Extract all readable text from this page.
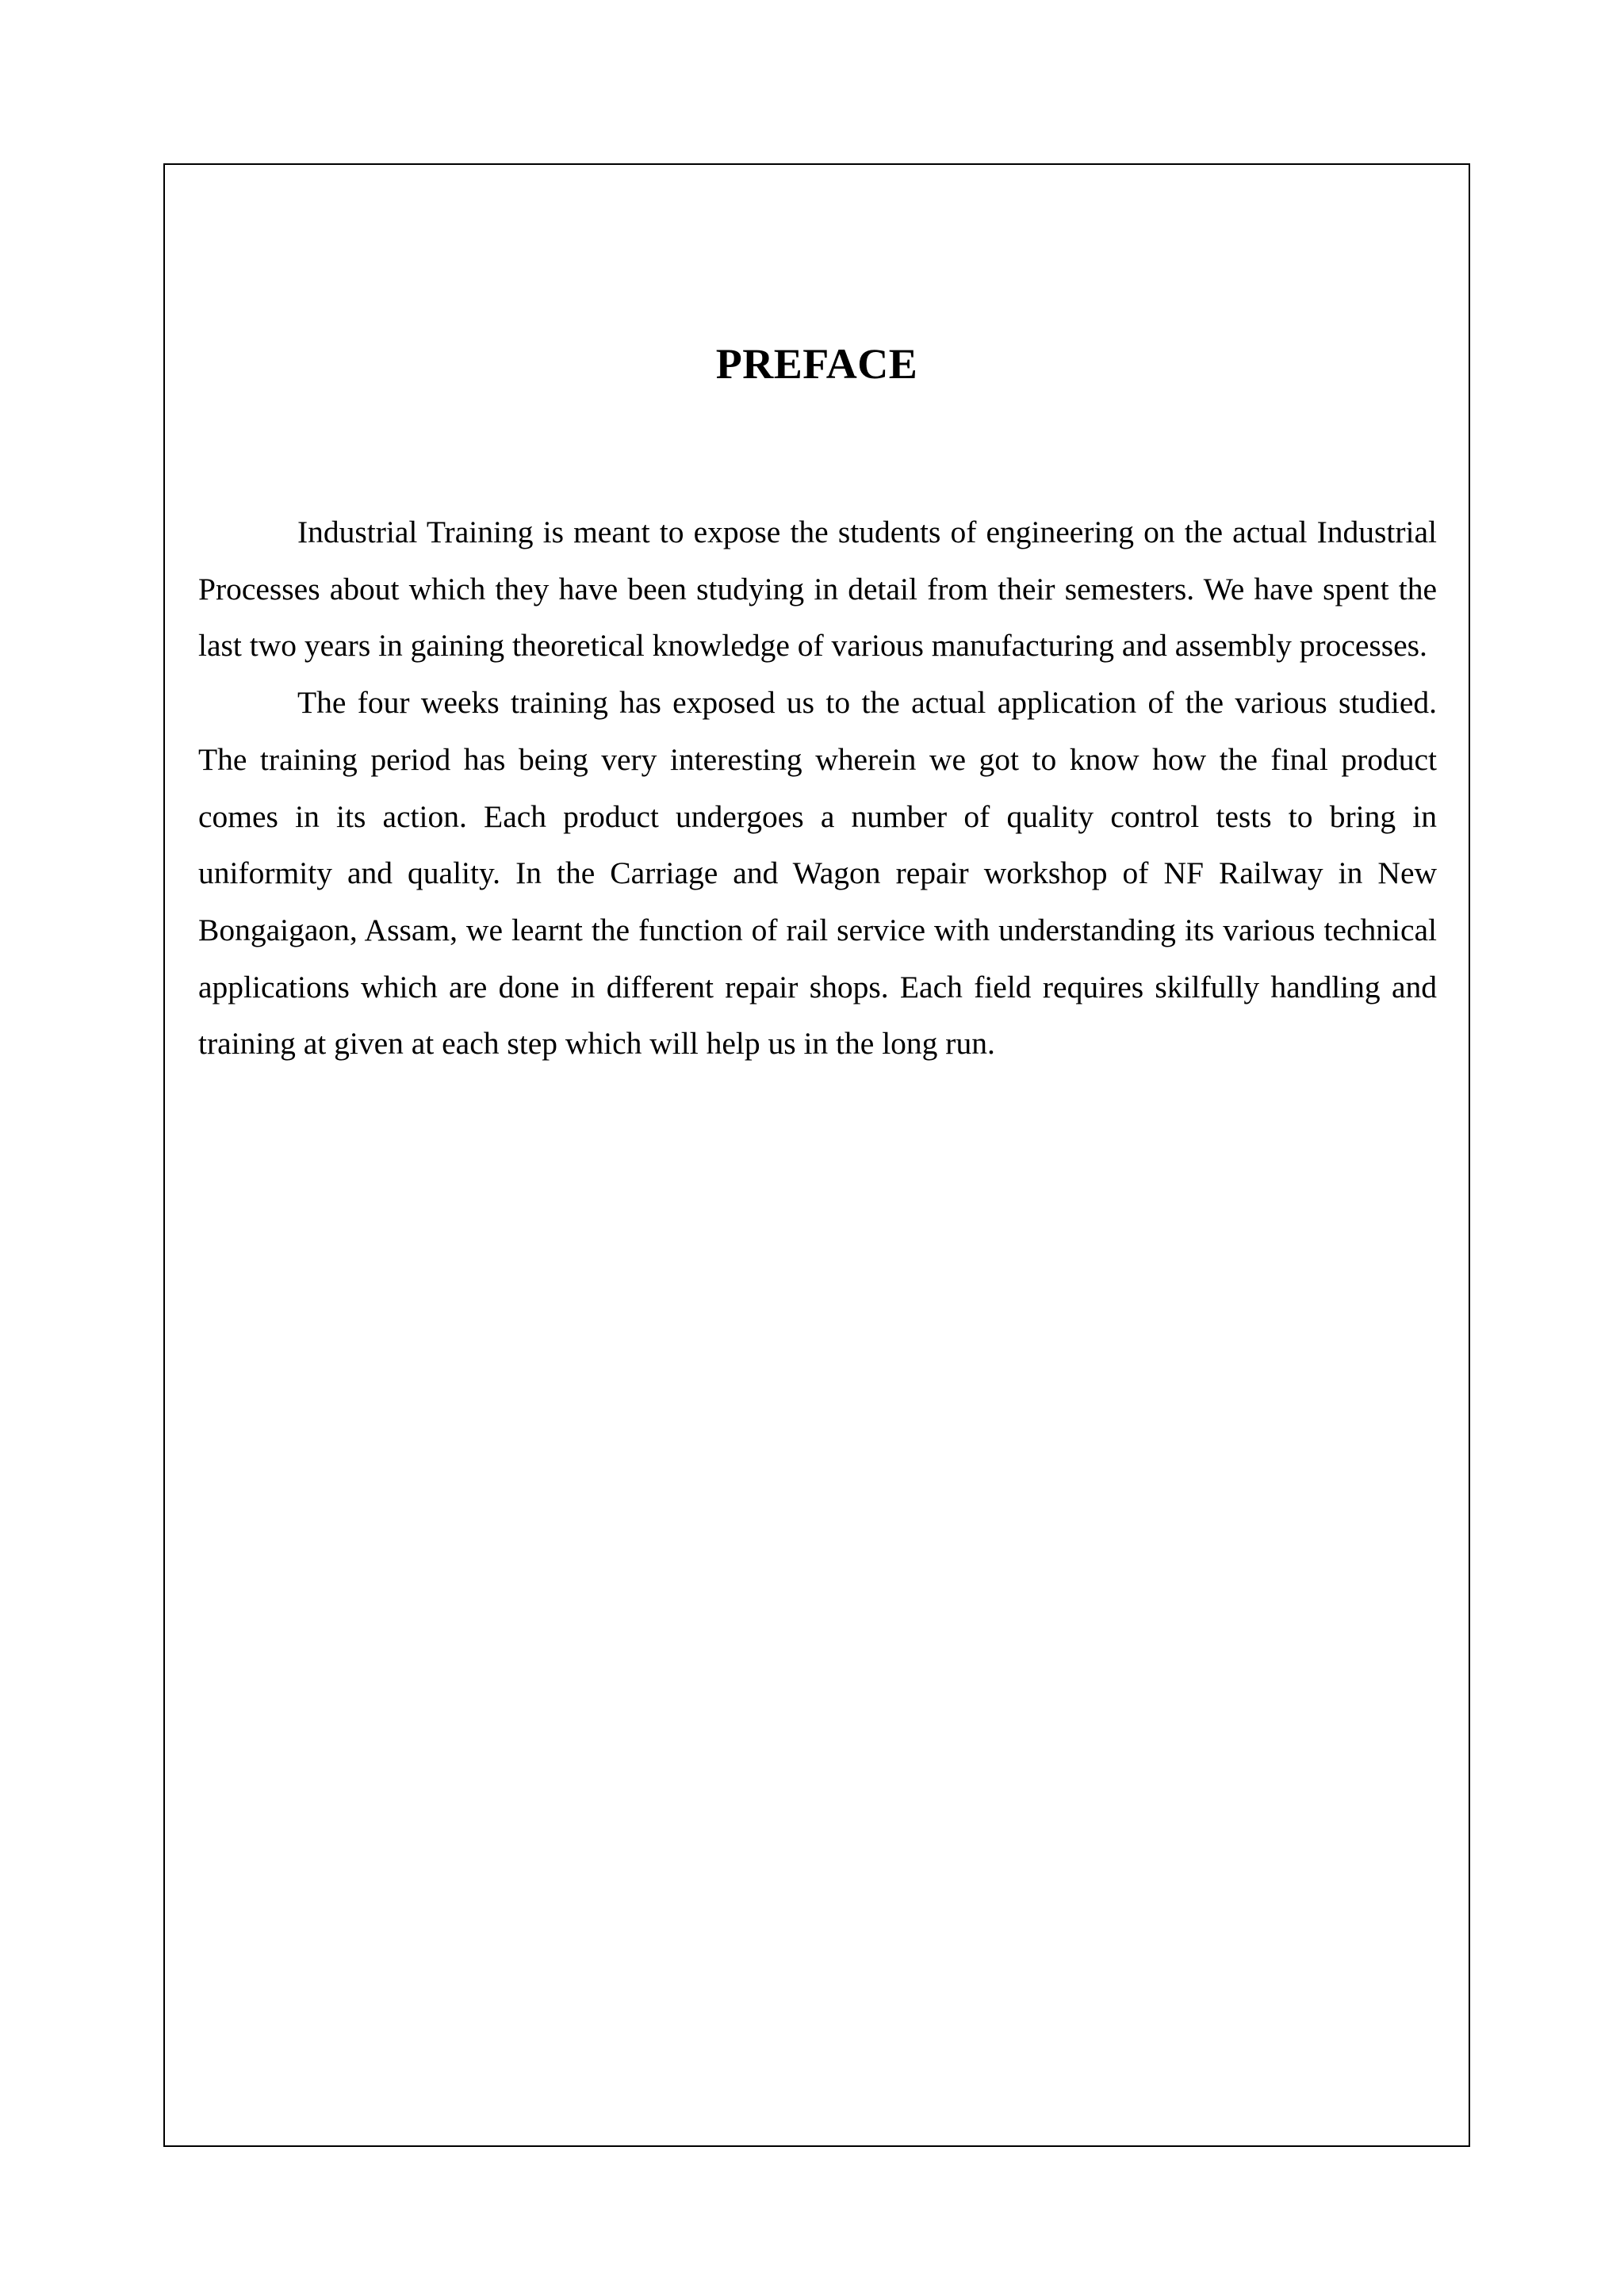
PREFACE

Industrial Training is meant to expose the students of engineering on the actual Industrial Processes about which they have been studying in detail from their semesters. We have spent the last two years in gaining theoretical knowledge of various manufacturing and assembly processes.

The four weeks training has exposed us to the actual application of the various studied. The training period has being very interesting wherein we got to know how the final product comes in its action. Each product undergoes a number of quality control tests to bring in uniformity and quality. In the Carriage and Wagon repair workshop of NF Railway in New Bongaigaon, Assam, we learnt the function of rail service with understanding its various technical applications which are done in different repair shops. Each field requires skilfully handling and training at given at each step which will help us in the long run.
